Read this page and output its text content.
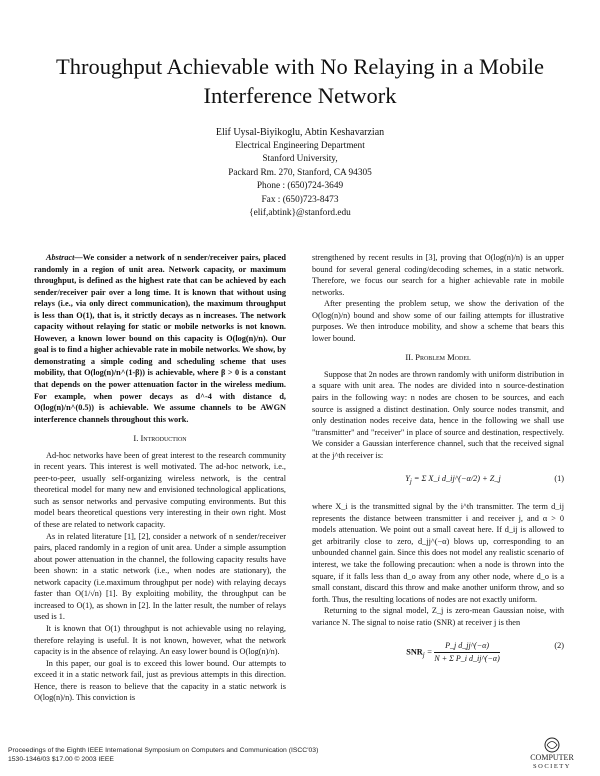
Throughput Achievable with No Relaying in a Mobile Interference Network
Elif Uysal-Biyikoglu, Abtin Keshavarzian
Electrical Engineering Department
Stanford University,
Packard Rm. 270, Stanford, CA 94305
Phone : (650)724-3649
Fax : (650)723-8473
{elif,abtink}@stanford.edu

Abstract—We consider a network of n sender/receiver pairs, placed randomly in a region of unit area. Network capacity, or maximum throughput, is defined as the highest rate that can be achieved by each sender/receiver pair over a long time. It is known that without using relays (i.e., via only direct communication), the maximum throughput is less than O(1), that is, it strictly decays as n increases. The network capacity without relaying for static or mobile networks is not known. However, a known lower bound on this capacity is O(log(n)/n). Our goal is to find a higher achievable rate in mobile networks. We show, by demonstrating a simple coding and scheduling scheme that uses mobility, that O(log(n)/n^(1-β)) is achievable, where β > 0 is a constant that depends on the power attenuation factor in the wireless medium. For example, when power decays as d^-4 with distance d, O(log(n)/n^(0.5)) is achievable. We assume channels to be AWGN interference channels throughout this work.

I. Introduction

Ad-hoc networks have been of great interest to the research community in recent years. This interest is well motivated. The ad-hoc network, i.e., peer-to-peer, usually self-organizing wireless network, is the central theoretical model for many new and envisioned technological applications, such as sensor networks and pervasive computing environments. But this model bears theoretical questions very interesting in their own right. Most of these are related to network capacity.

As in related literature [1], [2], consider a network of n sender/receiver pairs, placed randomly in a region of unit area. Under a simple assumption about power attenuation in the channel, the following capacity results have been shown: in a static network (i.e., when nodes are stationary), the network capacity (i.e.maximum throughput per node) with relaying decays faster than O(1/√n) [1]. By exploiting mobility, the throughput can be increased to O(1), as shown in [2]. In the latter result, the number of relays used is 1.

It is known that O(1) throughput is not achievable using no relaying, therefore relaying is useful. It is not known, however, what the network capacity is in the absence of relaying. An easy lower bound is O(log(n)/n).

In this paper, our goal is to exceed this lower bound. Our attempts to exceed it in a static network fail, just as previous attempts in this direction. Hence, there is reason to believe that the capacity in a static network is O(log(n)/n). This conviction is

strengthened by recent results in [3], proving that O(log(n)/n) is an upper bound for several general coding/decoding schemes, in a static network. Therefore, we focus our search for a higher achievable rate in mobile networks.

After presenting the problem setup, we show the derivation of the O(log(n)/n) bound and show some of our failing attempts for illustrative purposes. We then introduce mobility, and show a scheme that bears this lower bound.

II. Problem Model

Suppose that 2n nodes are thrown randomly with uniform distribution in a square with unit area. The nodes are divided into n source-destination pairs in the following way: n nodes are chosen to be sources, and each source is assigned a distinct destination. Only source nodes transmit, and only destination nodes receive data, hence in the following we shall use "transmitter" and "receiver" in place of source and destination, respectively. We consider a Gaussian interference channel, such that the received signal at the j^th receiver is:

$Y_j = \Sigma$ X_i d_ij^(−α/2) + Z_j	(1)

where X_i is the transmitted signal by the i^th transmitter. The term d_ij represents the distance between transmitter i and receiver j, and α > 0 models attenuation. We point out a small caveat here. If d_ij is allowed to get arbitrarily close to zero, d_jj^(−α) blows up, corresponding to an unbounded channel gain. Since this does not model any realistic scenario of interest, we take the following precaution: when a node is thrown into the square, if it falls less than d_o away from any other node, where d_o is a small constant, discard this throw and make another uniform throw, and so forth. Thus, the resulting locations of nodes are not exactly uniform.

Returning to the signal model, Z_j is zero-mean Gaussian noise, with variance N. The signal to noise ratio (SNR) at receiver j is then

$SNR_j = \frac{\text{P\_j d\_jj\textasciicircum{}(−α)}}{\text{N + Σ P\_i d\_ij\textasciicircum{}(−α)}}$	(2)
Proceedings of the Eighth IEEE International Symposium on Computers and Communication (ISCC'03)
1530-1346/03 $17.00 © 2003 IEEE	COMPUTER
SOCIETY
